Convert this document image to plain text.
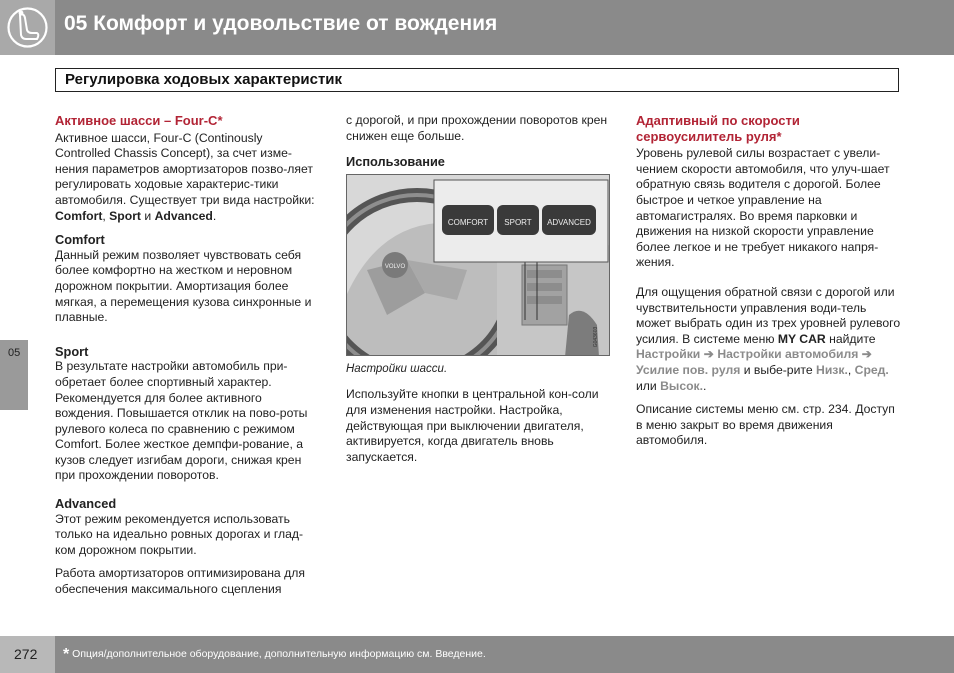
05 Комфорт и удовольствие от вождения
Регулировка ходовых характеристик
05
Активное шасси – Four-C*

Активное шасси, Four-C (Continously Controlled Chassis Concept), за счет изме-нения параметров амортизаторов позво-ляет регулировать ходовые характерис-тики автомобиля. Существует три вида настройки: Comfort, Sport и Advanced.

Comfort

Данный режим позволяет чувствовать себя более комфортно на жестком и неровном дорожном покрытии. Амортизация более мягкая, а перемещения кузова синхронные и плавные.

Sport

В результате настройки автомобиль при-обретает более спортивный характер. Рекомендуется для более активного вождения. Повышается отклик на пово-роты рулевого колеса по сравнению с режимом Comfort. Более жесткое демпфи-рование, а кузов следует изгибам дороги, снижая крен при прохождении поворотов.

Advanced

Этот режим рекомендуется использовать только на идеально ровных дорогах и глад-ком дорожном покрытии.

Работа амортизаторов оптимизирована для обеспечения максимального сцепления

с дорогой, и при прохождении поворотов крен снижен еще больше.

Использование
VOLVO
COMFORT SPORT ADVANCED
G043603
Настройки шасси.

Используйте кнопки в центральной кон-соли для изменения настройки. Настройка, действующая при выключении двигателя, активируется, когда двигатель вновь запускается.

Адаптивный по скорости сервоусилитель руля*

Уровень рулевой силы возрастает с увели-чением скорости автомобиля, что улуч-шает обратную связь водителя с дорогой. Более быстрое и четкое управление на автомагистралях. Во время парковки и движения на низкой скорости управление более легкое и не требует никакого напря-жения.

Для ощущения обратной связи с дорогой или чувствительности управления води-тель может выбрать один из трех уровней рулевого усилия. В системе меню MY CAR найдите Настройки ➔ Настройки автомобиля ➔ Усилие пов. руля и выбе-рите Низк., Сред. или Высок..

Описание системы меню см. стр. 234. Доступ в меню закрыт во время движения автомобиля.

272 * Опция/дополнительное оборудование, дополнительную информацию см. Введение.
